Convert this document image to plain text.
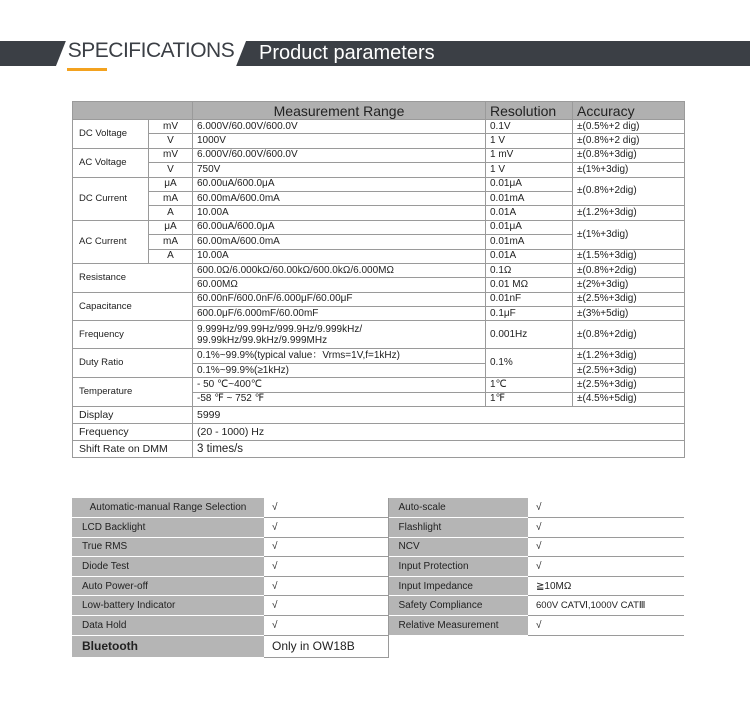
SPECIFICATIONS	Product parameters
		Measurement Range	Resolution	Accuracy
DC Voltage	mV	6.000V/60.00V/600.0V	0.1V	±(0.5%+2 dig)
	V	1000V	1 V	±(0.8%+2 dig)
AC Voltage	mV	6.000V/60.00V/600.0V	1 mV	±(0.8%+3dig)
	V	750V	1 V	±(1%+3dig)
DC Current	μA	60.00uA/600.0μA	0.01μA	±(0.8%+2dig)
	mA	60.00mA/600.0mA	0.01mA	
	A	10.00A	0.01A	±(1.2%+3dig)
AC Current	μA	60.00uA/600.0μA	0.01μA	±(1%+3dig)
	mA	60.00mA/600.0mA	0.01mA	
	A	10.00A	0.01A	±(1.5%+3dig)
Resistance		600.0Ω/6.000kΩ/60.00kΩ/600.0kΩ/6.000MΩ	0.1Ω	±(0.8%+2dig)
		60.00MΩ	0.01 MΩ	±(2%+3dig)
Capacitance		60.00nF/600.0nF/6.000μF/60.00μF	0.01nF	±(2.5%+3dig)
		600.0μF/6.000mF/60.00mF	0.1μF	±(3%+5dig)
Frequency		9.999Hz/99.99Hz/999.9Hz/9.999kHz/
99.99kHz/99.9kHz/9.999MHz	0.001Hz	±(0.8%+2dig)
Duty Ratio		0.1%~99.9%(typical value：Vrms=1V,f=1kHz)	0.1%	±(1.2%+3dig)
		0.1%~99.9%(≥1kHz)		±(2.5%+3dig)
Temperature		- 50 ℃~400℃	1℃	±(2.5%+3dig)
		-58 ℉ ~ 752 ℉	1℉	±(4.5%+5dig)
Display		5999		
Frequency		(20 - 1000) Hz		
Shift Rate on DMM		3 times/s		
Automatic-manual Range Selection	√	Auto-scale	√
LCD Backlight	√	Flashlight	√
True RMS	√	NCV	√
Diode Test	√	Input Protection	√
Auto Power-off	√	Input Impedance	≧10MΩ
Low-battery Indicator	√	Safety Compliance	600V CATⅥ,1000V CATⅢ
Data Hold	√	Relative Measurement	√
Bluetooth	Only in OW18B		
